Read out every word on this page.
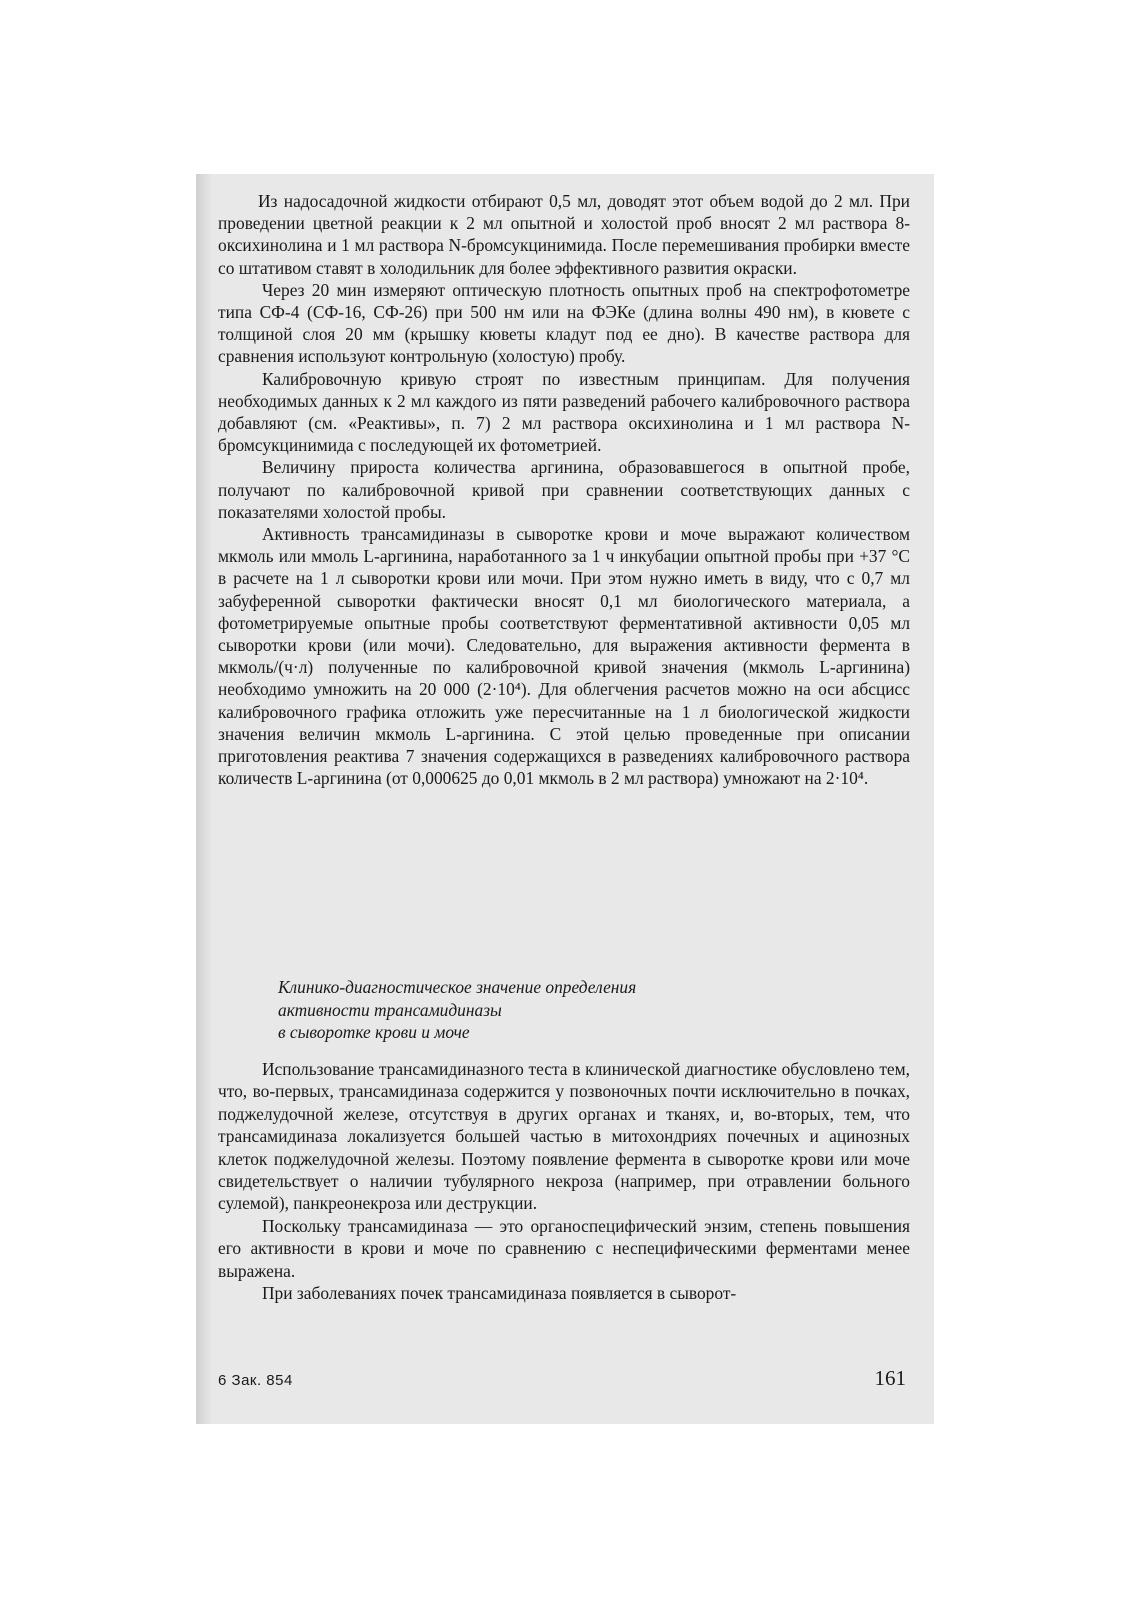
Из надосадочной жидкости отбирают 0,5 мл, доводят этот объем водой до 2 мл. При проведении цветной реакции к 2 мл опытной и холостой проб вносят 2 мл раствора 8-оксихинолина и 1 мл раствора N-бромсукцинимида. После перемешивания пробирки вместе со штативом ставят в холодильник для более эффективного развития окраски.

Через 20 мин измеряют оптическую плотность опытных проб на спектрофотометре типа СФ-4 (СФ-16, СФ-26) при 500 нм или на ФЭКе (длина волны 490 нм), в кювете с толщиной слоя 20 мм (крышку кюветы кладут под ее дно). В качестве раствора для сравнения используют контрольную (холостую) пробу.

Калибровочную кривую строят по известным принципам. Для получения необходимых данных к 2 мл каждого из пяти разведений рабочего калибровочного раствора добавляют (см. «Реактивы», п. 7) 2 мл раствора оксихинолина и 1 мл раствора N-бромсукцинимида с последующей их фотометрией.

Величину прироста количества аргинина, образовавшегося в опытной пробе, получают по калибровочной кривой при сравнении соответствующих данных с показателями холостой пробы.

Активность трансамидиназы в сыворотке крови и моче выражают количеством мкмоль или ммоль L-аргинина, наработанного за 1 ч инкубации опытной пробы при +37 °С в расчете на 1 л сыворотки крови или мочи. При этом нужно иметь в виду, что с 0,7 мл забуференной сыворотки фактически вносят 0,1 мл биологического материала, а фотометрируемые опытные пробы соответствуют ферментативной активности 0,05 мл сыворотки крови (или мочи). Следовательно, для выражения активности фермента в мкмоль/(ч·л) полученные по калибровочной кривой значения (мкмоль L-аргинина) необходимо умножить на 20 000 (2·10⁴). Для облегчения расчетов можно на оси абсцисс калибровочного графика отложить уже пересчитанные на 1 л биологической жидкости значения величин мкмоль L-аргинина. С этой целью проведенные при описании приготовления реактива 7 значения содержащихся в разведениях калибровочного раствора количеств L-аргинина (от 0,000625 до 0,01 мкмоль в 2 мл раствора) умножают на 2·10⁴.

Клинико-диагностическое значение определения
активности трансамидиназы
в сыворотке крови и моче

Использование трансамидиназного теста в клинической диагностике обусловлено тем, что, во-первых, трансамидиназа содержится у позвоночных почти исключительно в почках, поджелудочной железе, отсутствуя в других органах и тканях, и, во-вторых, тем, что трансамидиназа локализуется большей частью в митохондриях почечных и ацинозных клеток поджелудочной железы. Поэтому появление фермента в сыворотке крови или моче свидетельствует о наличии тубулярного некроза (например, при отравлении больного сулемой), панкреонекроза или деструкции.

Поскольку трансамидиназа — это органоспецифический энзим, степень повышения его активности в крови и моче по сравнению с неспецифическими ферментами менее выражена.

При заболеваниях почек трансамидиназа появляется в сыворот-

6 Зак. 854	161
